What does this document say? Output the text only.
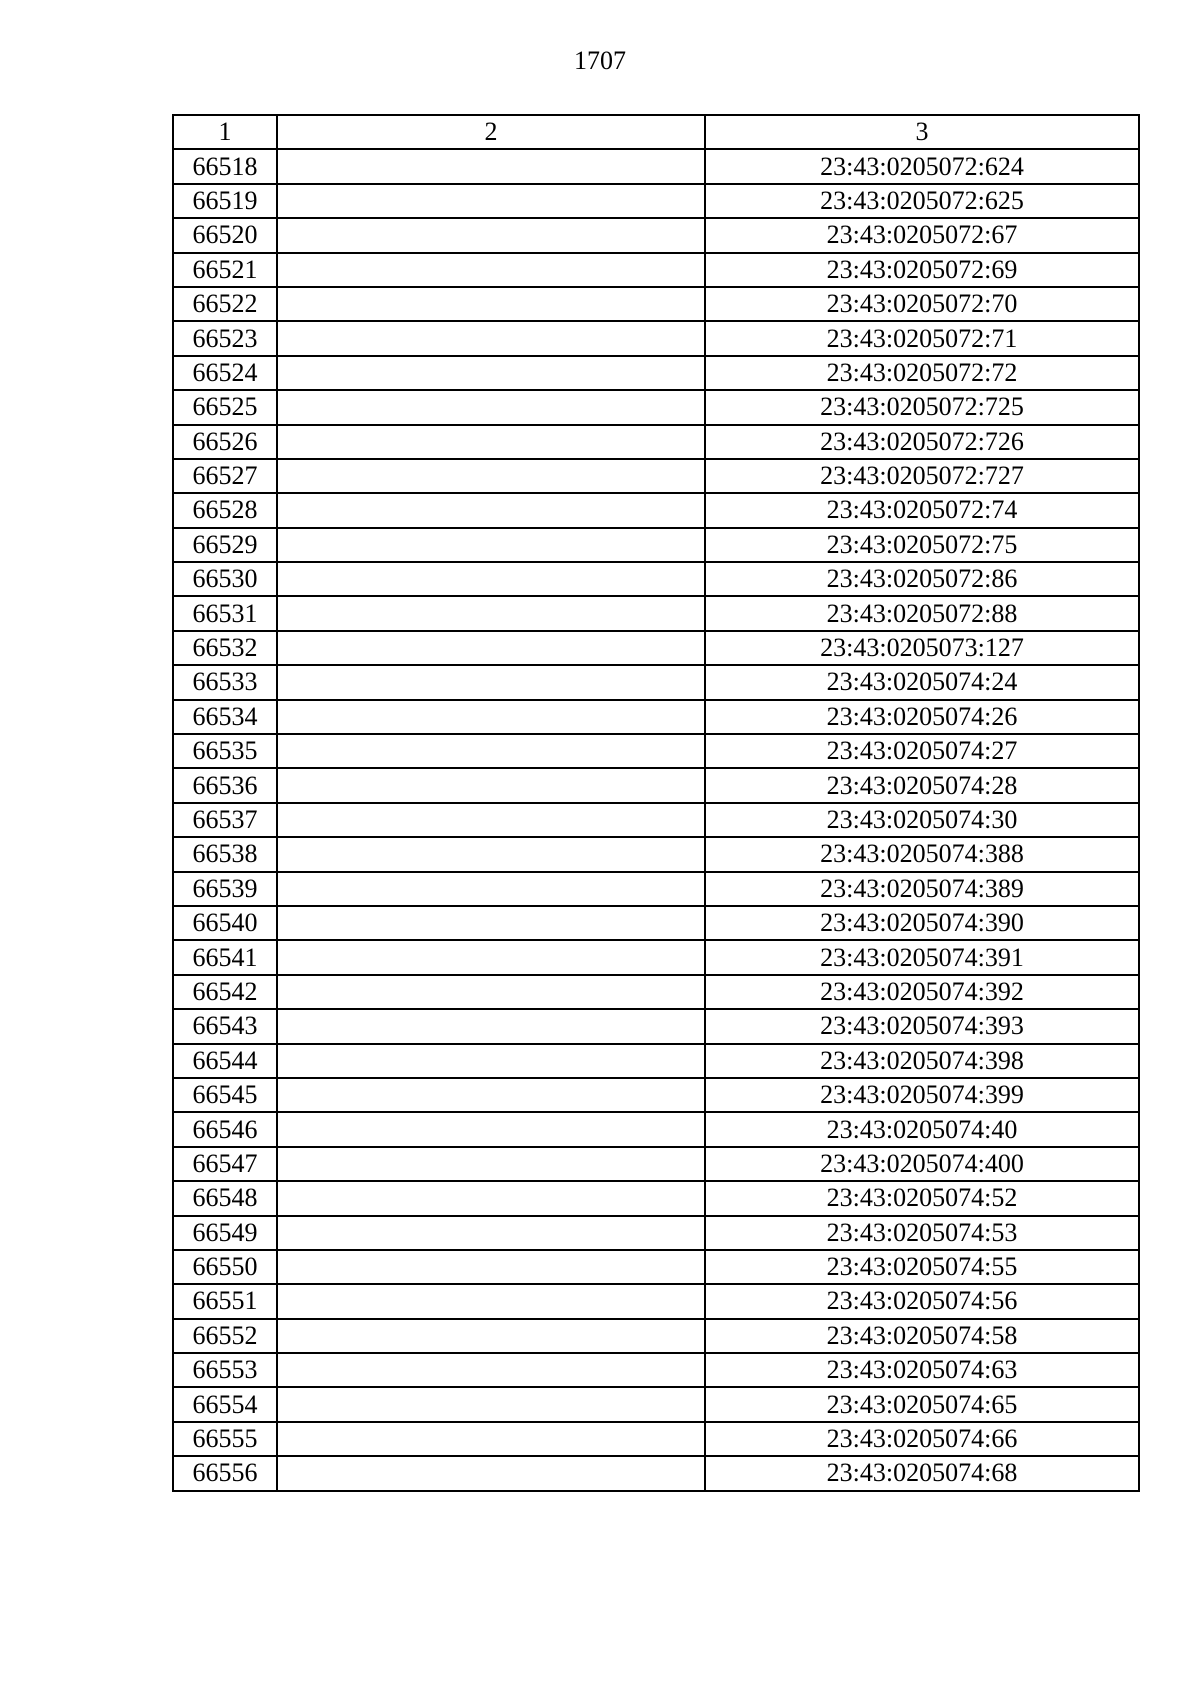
1707
1	2	3
66518		23:43:0205072:624
66519		23:43:0205072:625
66520		23:43:0205072:67
66521		23:43:0205072:69
66522		23:43:0205072:70
66523		23:43:0205072:71
66524		23:43:0205072:72
66525		23:43:0205072:725
66526		23:43:0205072:726
66527		23:43:0205072:727
66528		23:43:0205072:74
66529		23:43:0205072:75
66530		23:43:0205072:86
66531		23:43:0205072:88
66532		23:43:0205073:127
66533		23:43:0205074:24
66534		23:43:0205074:26
66535		23:43:0205074:27
66536		23:43:0205074:28
66537		23:43:0205074:30
66538		23:43:0205074:388
66539		23:43:0205074:389
66540		23:43:0205074:390
66541		23:43:0205074:391
66542		23:43:0205074:392
66543		23:43:0205074:393
66544		23:43:0205074:398
66545		23:43:0205074:399
66546		23:43:0205074:40
66547		23:43:0205074:400
66548		23:43:0205074:52
66549		23:43:0205074:53
66550		23:43:0205074:55
66551		23:43:0205074:56
66552		23:43:0205074:58
66553		23:43:0205074:63
66554		23:43:0205074:65
66555		23:43:0205074:66
66556		23:43:0205074:68
